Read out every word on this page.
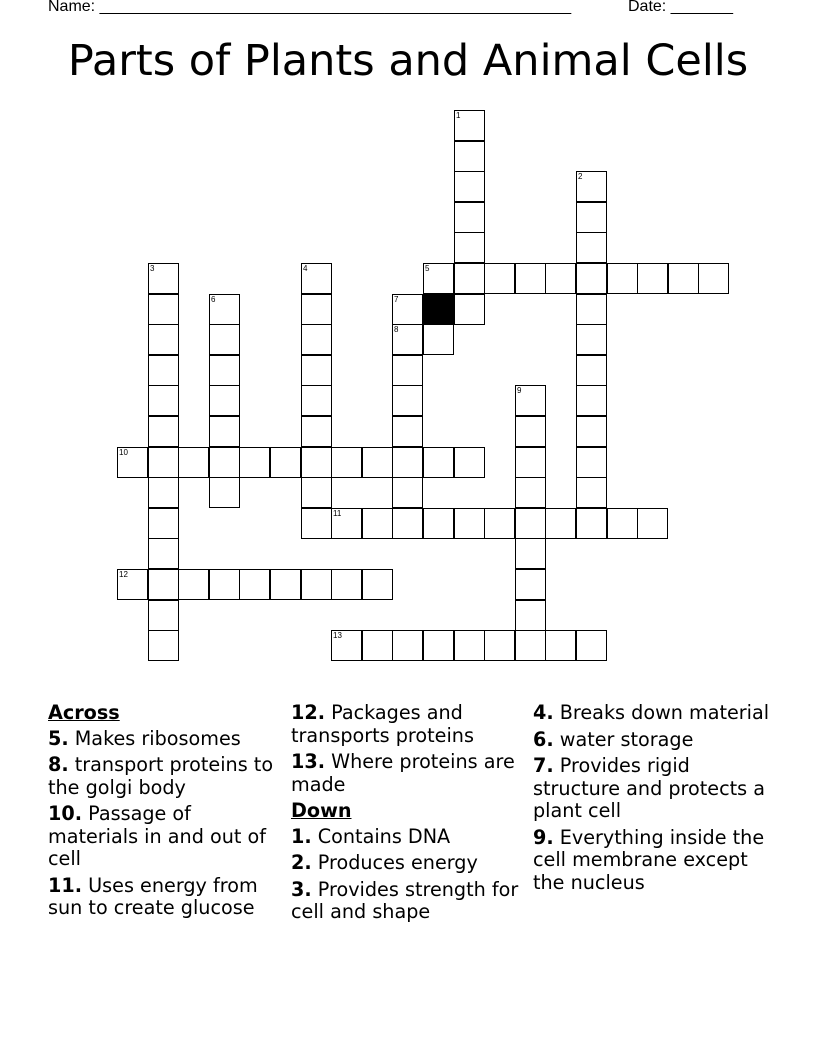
Name: _____________________________________________________	Date: _______
Parts of Plants and Animal Cells
1
2
3	4	5
6	7
8
9
10
11
12
13
Across
5. Makes ribosomes
8. transport proteins to the golgi body
10. Passage of materials in and out of cell
11. Uses energy from sun to create glucose
12. Packages and transports proteins
13. Where proteins are made
Down
1. Contains DNA
2. Produces energy
3. Provides strength for cell and shape
4. Breaks down material
6. water storage
7. Provides rigid structure and protects a plant cell
9. Everything inside the cell membrane except the nucleus
